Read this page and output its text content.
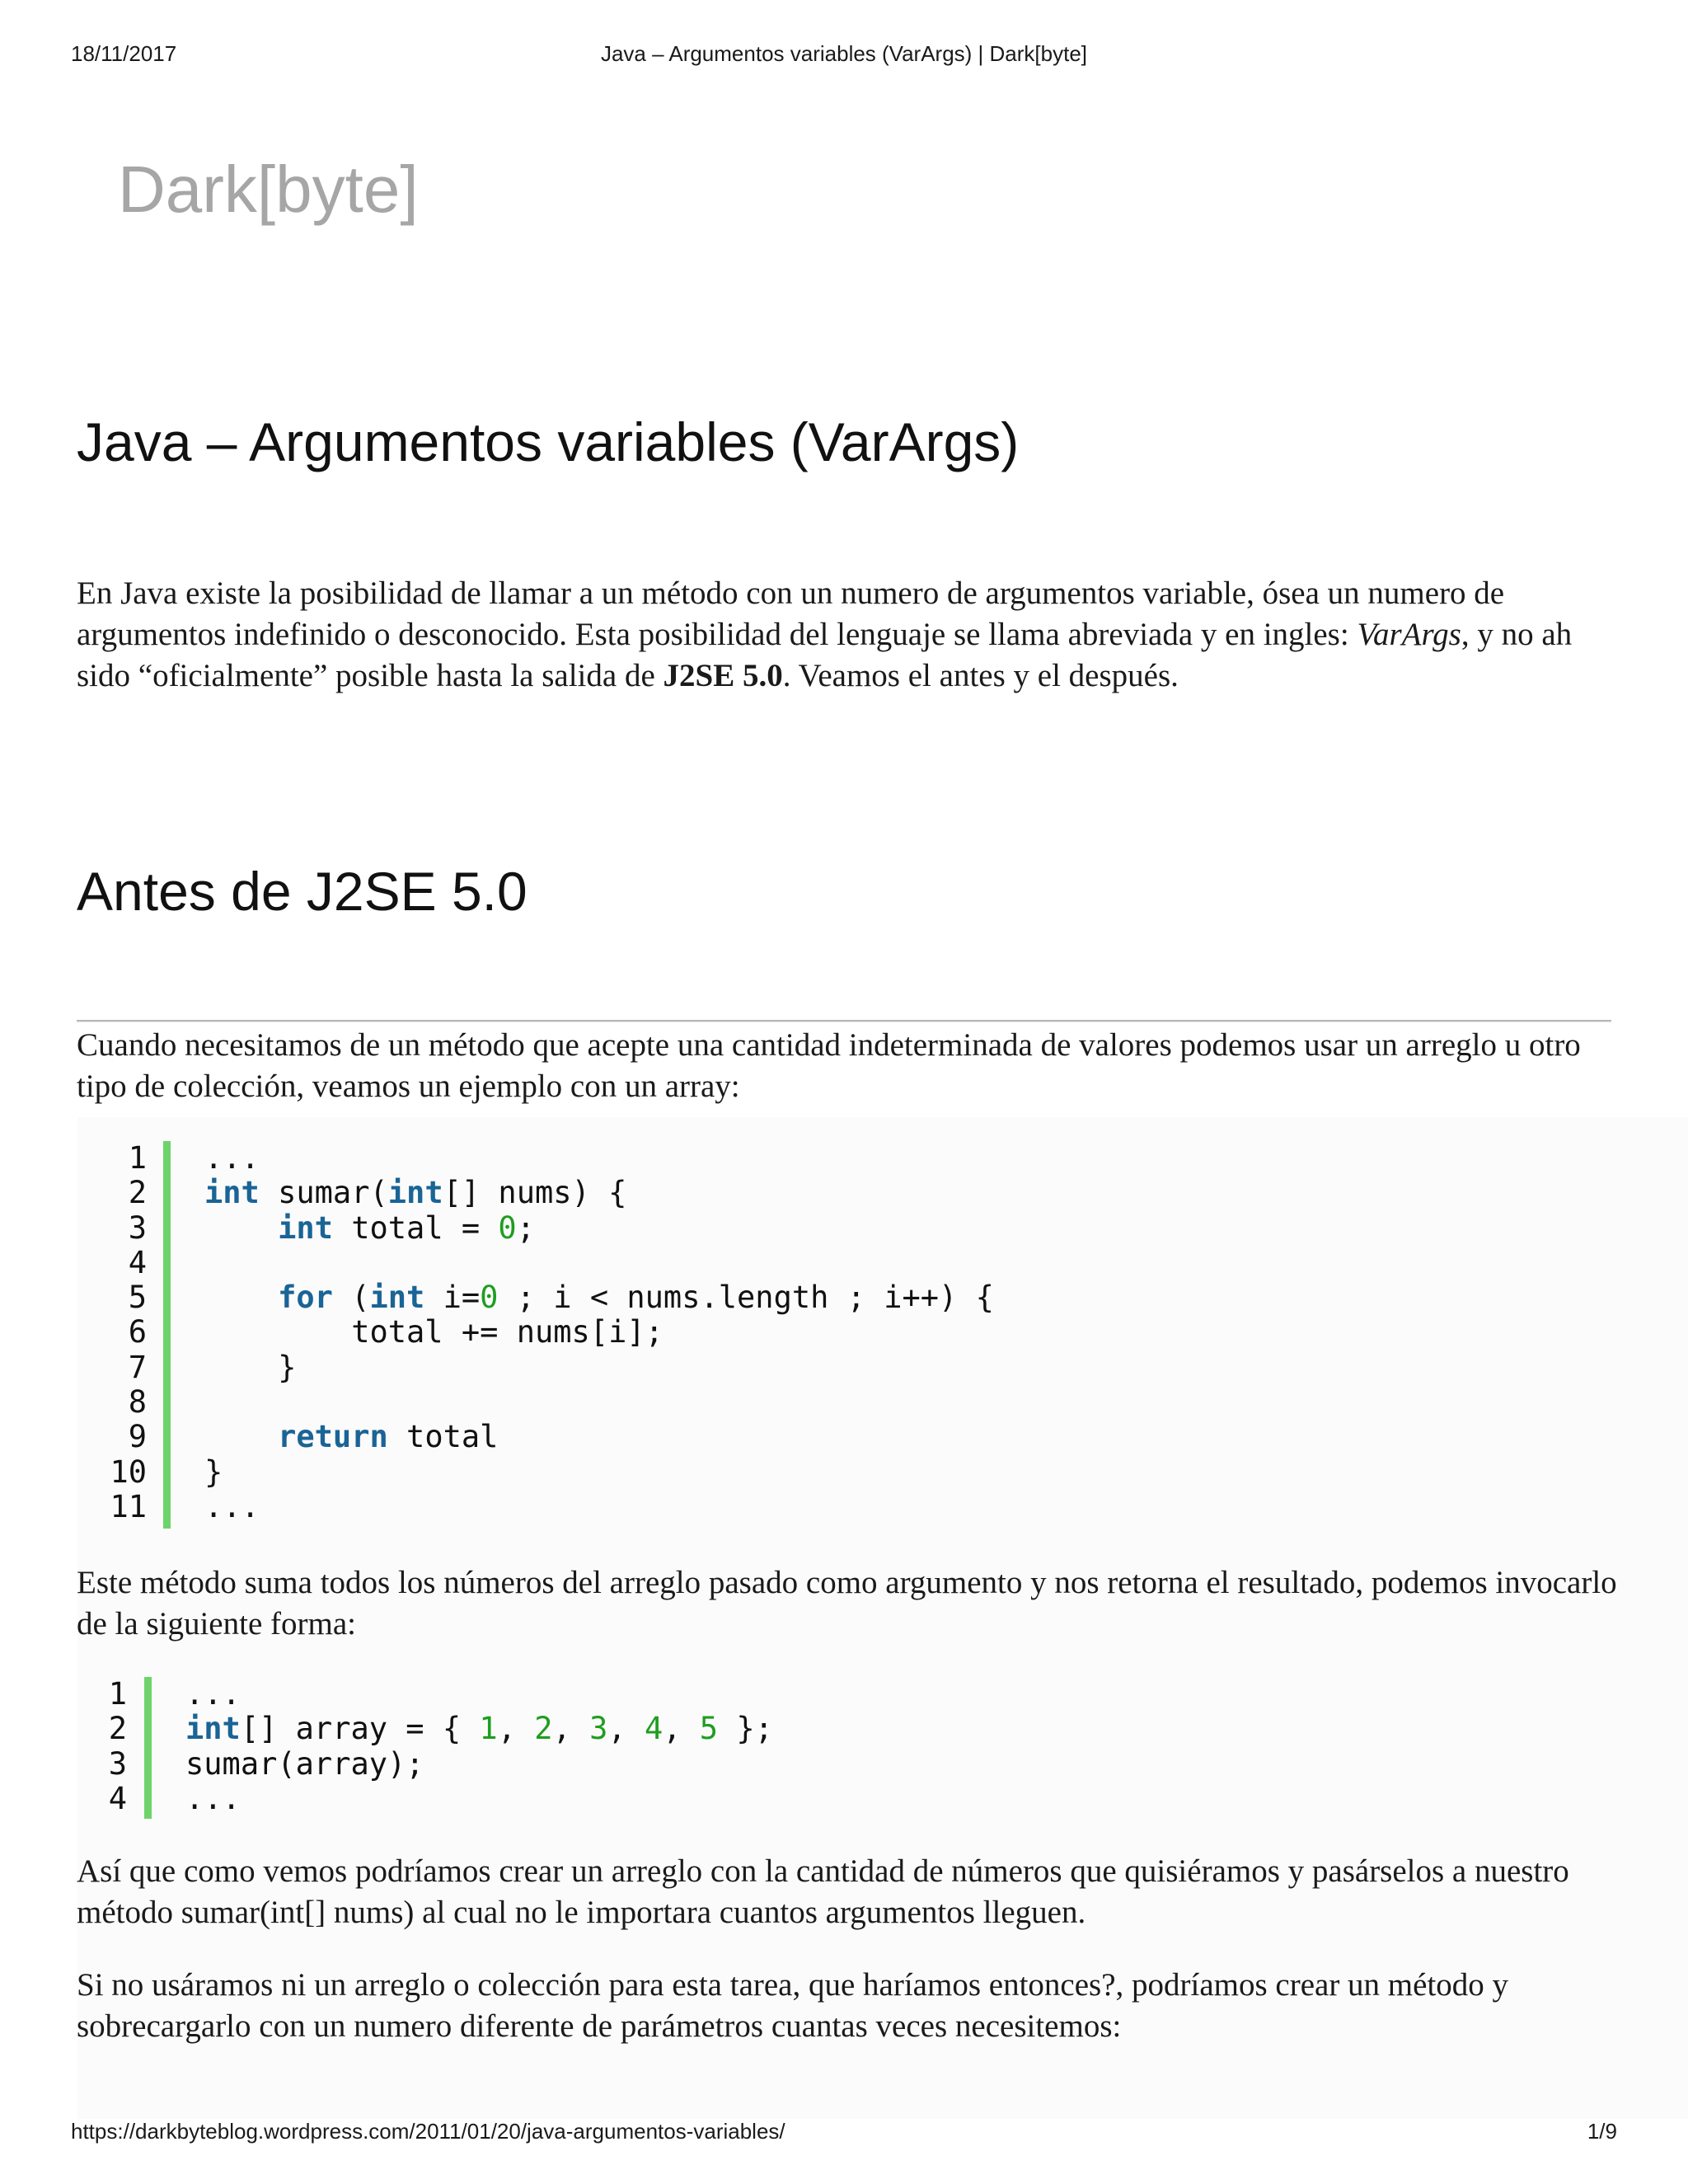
18/11/2017	Java – Argumentos variables (VarArgs) | Dark[byte]
Dark[byte]
Java – Argumentos variables (VarArgs)

En Java existe la posibilidad de llamar a un método con un numero de argumentos variable, ósea un numero de argumentos indefinido o desconocido. Esta posibilidad del lenguaje se llama abreviada y en ingles: VarArgs, y no ah sido “oficialmente” posible hasta la salida de J2SE 5.0. Veamos el antes y el después.

Antes de J2SE 5.0

Cuando necesitamos de un método que acepte una cantidad indeterminada de valores podemos usar un arreglo u otro tipo de colección, veamos un ejemplo con un array:

1
2
3
4
5
6
7
8
9
10
11
...
int sumar(int[] nums) {
int total = 0;

for (int i=0 ; i < nums.length ; i++) {
total += nums[i];
}

return total
}
...

Este método suma todos los números del arreglo pasado como argumento y nos retorna el resultado, podemos invocarlo de la siguiente forma:

1
2
3
4
...
int[] array = { 1, 2, 3, 4, 5 };
sumar(array);
...

Así que como vemos podríamos crear un arreglo con la cantidad de números que quisiéramos y pasárselos a nuestro método sumar(int[] nums) al cual no le importara cuantos argumentos lleguen.

Si no usáramos ni un arreglo o colección para esta tarea, que haríamos entonces?, podríamos crear un método y sobrecargarlo con un numero diferente de parámetros cuantas veces necesitemos:

https://darkbyteblog.wordpress.com/2011/01/20/java-argumentos-variables/	1/9
